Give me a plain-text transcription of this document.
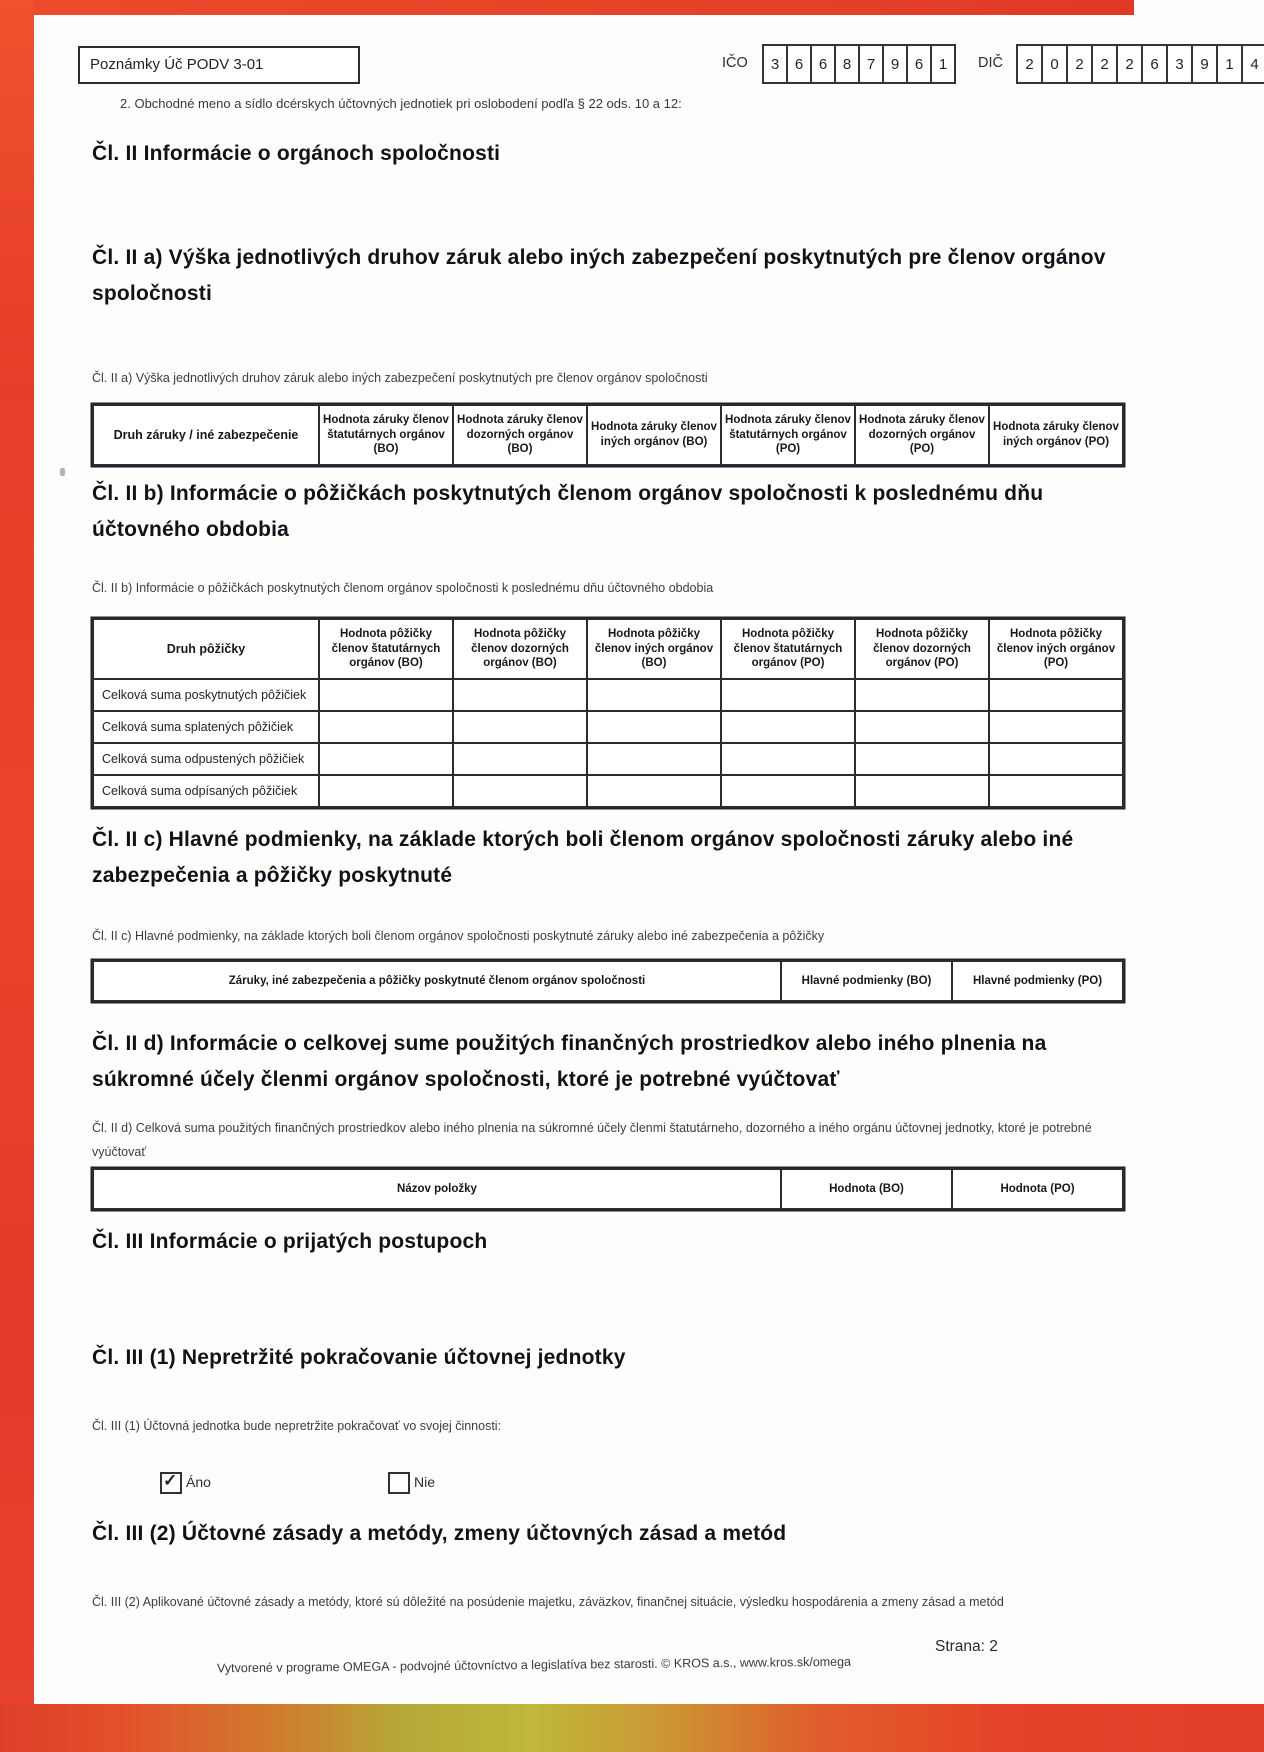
Poznámky Úč PODV 3-01	IČO	3	6	6	8	7	9	6	1	DIČ	2	0	2	2	2	6	3	9	1	4
2. Obchodné meno a sídlo dcérskych účtovných jednotiek pri oslobodení podľa § 22 ods. 10 a 12:
Čl. II Informácie o orgánoch spoločnosti
Čl. II a) Výška jednotlivých druhov záruk alebo iných zabezpečení poskytnutých pre členov orgánov spoločnosti
Čl. II a) Výška jednotlivých druhov záruk alebo iných zabezpečení poskytnutých pre členov orgánov spoločnosti
Druh záruky / iné zabezpečenie	Hodnota záruky členov štatutárnych orgánov (BO)	Hodnota záruky členov dozorných orgánov (BO)	Hodnota záruky členov iných orgánov (BO)	Hodnota záruky členov štatutárnych orgánov (PO)	Hodnota záruky členov dozorných orgánov (PO)	Hodnota záruky členov iných orgánov (PO)
Čl. II b) Informácie o pôžičkách poskytnutých členom orgánov spoločnosti k poslednému dňu účtovného obdobia
Čl. II b) Informácie o pôžičkách poskytnutých členom orgánov spoločnosti k poslednému dňu účtovného obdobia
Druh pôžičky	Hodnota pôžičky členov štatutárnych orgánov (BO)	Hodnota pôžičky členov dozorných orgánov (BO)	Hodnota pôžičky členov iných orgánov (BO)	Hodnota pôžičky členov štatutárnych orgánov (PO)	Hodnota pôžičky členov dozorných orgánov (PO)	Hodnota pôžičky členov iných orgánov (PO)
Celková suma poskytnutých pôžičiek						
Celková suma splatených pôžičiek						
Celková suma odpustených pôžičiek						
Celková suma odpísaných pôžičiek						
Čl. II c) Hlavné podmienky, na základe ktorých boli členom orgánov spoločnosti záruky alebo iné zabezpečenia a pôžičky poskytnuté
Čl. II c) Hlavné podmienky, na základe ktorých boli členom orgánov spoločnosti poskytnuté záruky alebo iné zabezpečenia a pôžičky
Záruky, iné zabezpečenia a pôžičky poskytnuté členom orgánov spoločnosti	Hlavné podmienky (BO)	Hlavné podmienky (PO)
Čl. II d) Informácie o celkovej sume použitých finančných prostriedkov alebo iného plnenia na súkromné účely členmi orgánov spoločnosti, ktoré je potrebné vyúčtovať
Čl. II d) Celková suma použitých finančných prostriedkov alebo iného plnenia na súkromné účely členmi štatutárneho, dozorného a iného orgánu účtovnej jednotky, ktoré je potrebné vyúčtovať
Názov položky	Hodnota (BO)	Hodnota (PO)
Čl. III Informácie o prijatých postupoch
Čl. III (1) Nepretržité pokračovanie účtovnej jednotky
Čl. III (1) Účtovná jednotka bude nepretržite pokračovať vo svojej činnosti:
✓ Áno	Nie
Čl. III (2) Účtovné zásady a metódy, zmeny účtovných zásad a metód
Čl. III (2) Aplikované účtovné zásady a metódy, ktoré sú dôležité na posúdenie majetku, záväzkov, finančnej situácie, výsledku hospodárenia a zmeny zásad a metód
Vytvorené v programe OMEGA - podvojné účtovníctvo a legislatíva bez starosti. © KROS a.s., www.kros.sk/omega
Strana: 2
